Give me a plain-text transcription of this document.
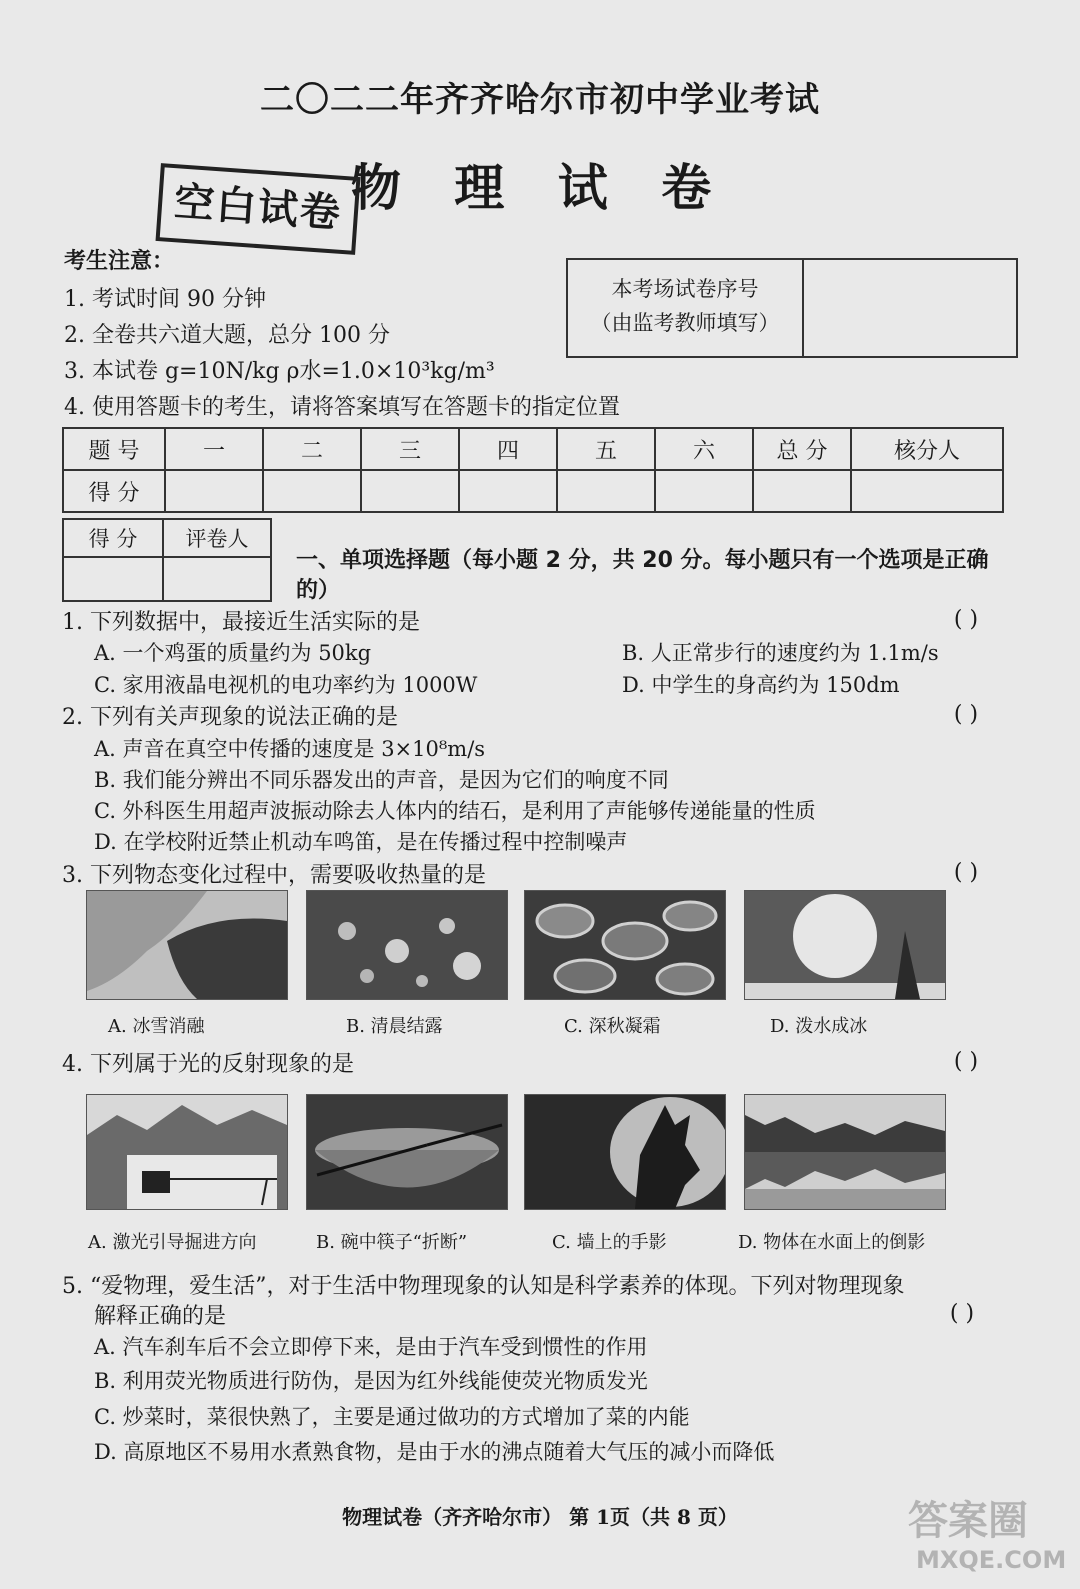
二〇二二年齐齐哈尔市初中学业考试
物 理 试 卷
空白试卷
考生注意：
1. 考试时间 90 分钟
2. 全卷共六道大题，总分 100 分
3. 本试卷 g=10N/kg ρ水=1.0×10³kg/m³
4. 使用答题卡的考生，请将答案填写在答题卡的指定位置
本考场试卷序号
（由监考教师填写）
题 号	一	二	三	四	五	六	总 分	核分人
得 分								
得 分	评卷人

一、单项选择题（每小题 2 分，共 20 分。每小题只有一个选项是正确的）
1. 下列数据中，最接近生活实际的是	( )
A. 一个鸡蛋的质量约为 50kg	B. 人正常步行的速度约为 1.1m/s
C. 家用液晶电视机的电功率约为 1000W	D. 中学生的身高约为 150dm
2. 下列有关声现象的说法正确的是	( )
A. 声音在真空中传播的速度是 3×10⁸m/s
B. 我们能分辨出不同乐器发出的声音，是因为它们的响度不同
C. 外科医生用超声波振动除去人体内的结石，是利用了声能够传递能量的性质
D. 在学校附近禁止机动车鸣笛，是在传播过程中控制噪声
3. 下列物态变化过程中，需要吸收热量的是	( )
A. 冰雪消融	B. 清晨结露	C. 深秋凝霜	D. 泼水成冰
4. 下列属于光的反射现象的是	( )
A. 激光引导掘进方向	B. 碗中筷子“折断”	C. 墙上的手影	D. 物体在水面上的倒影
5. “爱物理，爱生活”，对于生活中物理现象的认知是科学素养的体现。下列对物理现象
解释正确的是	( )
A. 汽车刹车后不会立即停下来，是由于汽车受到惯性的作用
B. 利用荧光物质进行防伪，是因为红外线能使荧光物质发光
C. 炒菜时，菜很快熟了，主要是通过做功的方式增加了菜的内能
D. 高原地区不易用水煮熟食物，是由于水的沸点随着大气压的减小而降低
物理试卷（齐齐哈尔市） 第 1页（共 8 页）	答案圈
MXQE.COM
